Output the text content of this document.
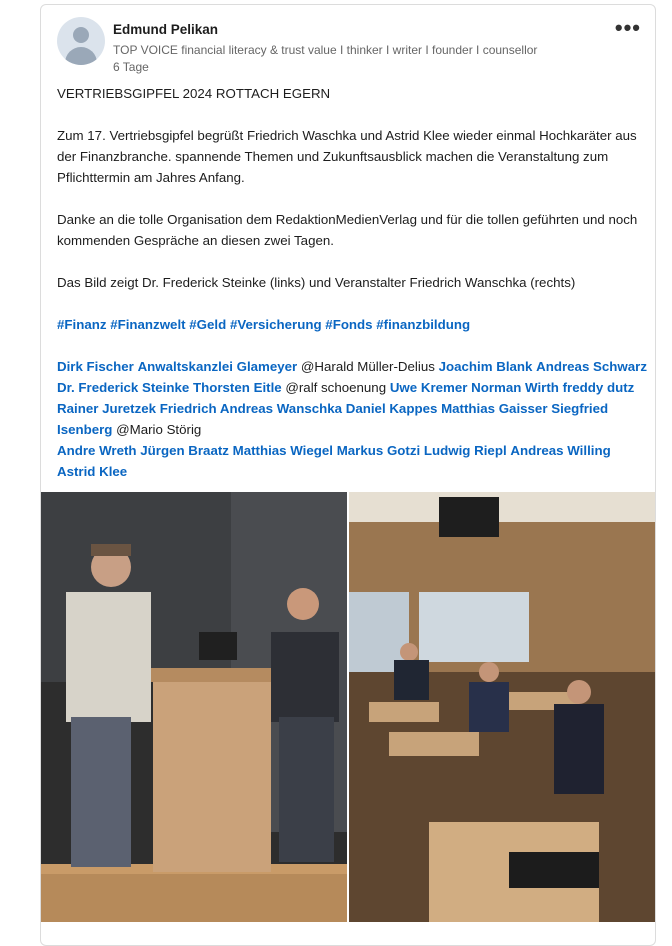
Edmund Pelikan
TOP VOICE financial literacy & trust value I thinker I writer I founder I counsellor
6 Tage
•••

VERTRIEBSGIPFEL 2024 ROTTACH EGERN

Zum 17. Vertriebsgipfel begrüßt Friedrich Waschka und Astrid Klee wieder einmal Hochkaräter aus der Finanzbranche. spannende Themen und Zukunftsausblick machen die Veranstaltung zum Pflichttermin am Jahres Anfang.

Danke an die tolle Organisation dem RedaktionMedienVerlag und für die tollen geführten und noch kommenden Gespräche an diesen zwei Tagen.

Das Bild zeigt Dr. Frederick Steinke (links) und Veranstalter Friedrich Wanschka (rechts)

#Finanz #Finanzwelt #Geld #Versicherung #Fonds #finanzbildung

Dirk Fischer Anwaltskanzlei Glameyer @Harald Müller-Delius Joachim Blank Andreas Schwarz Dr. Frederick Steinke Thorsten Eitle @ralf schoenung Uwe Kremer Norman Wirth freddy dutz Rainer Juretzek Friedrich Andreas Wanschka Daniel Kappes Matthias Gaisser Siegfried Isenberg @Mario Störig
Andre Wreth Jürgen Braatz Matthias Wiegel Markus Gotzi Ludwig Riepl Andreas Willing Astrid Klee
